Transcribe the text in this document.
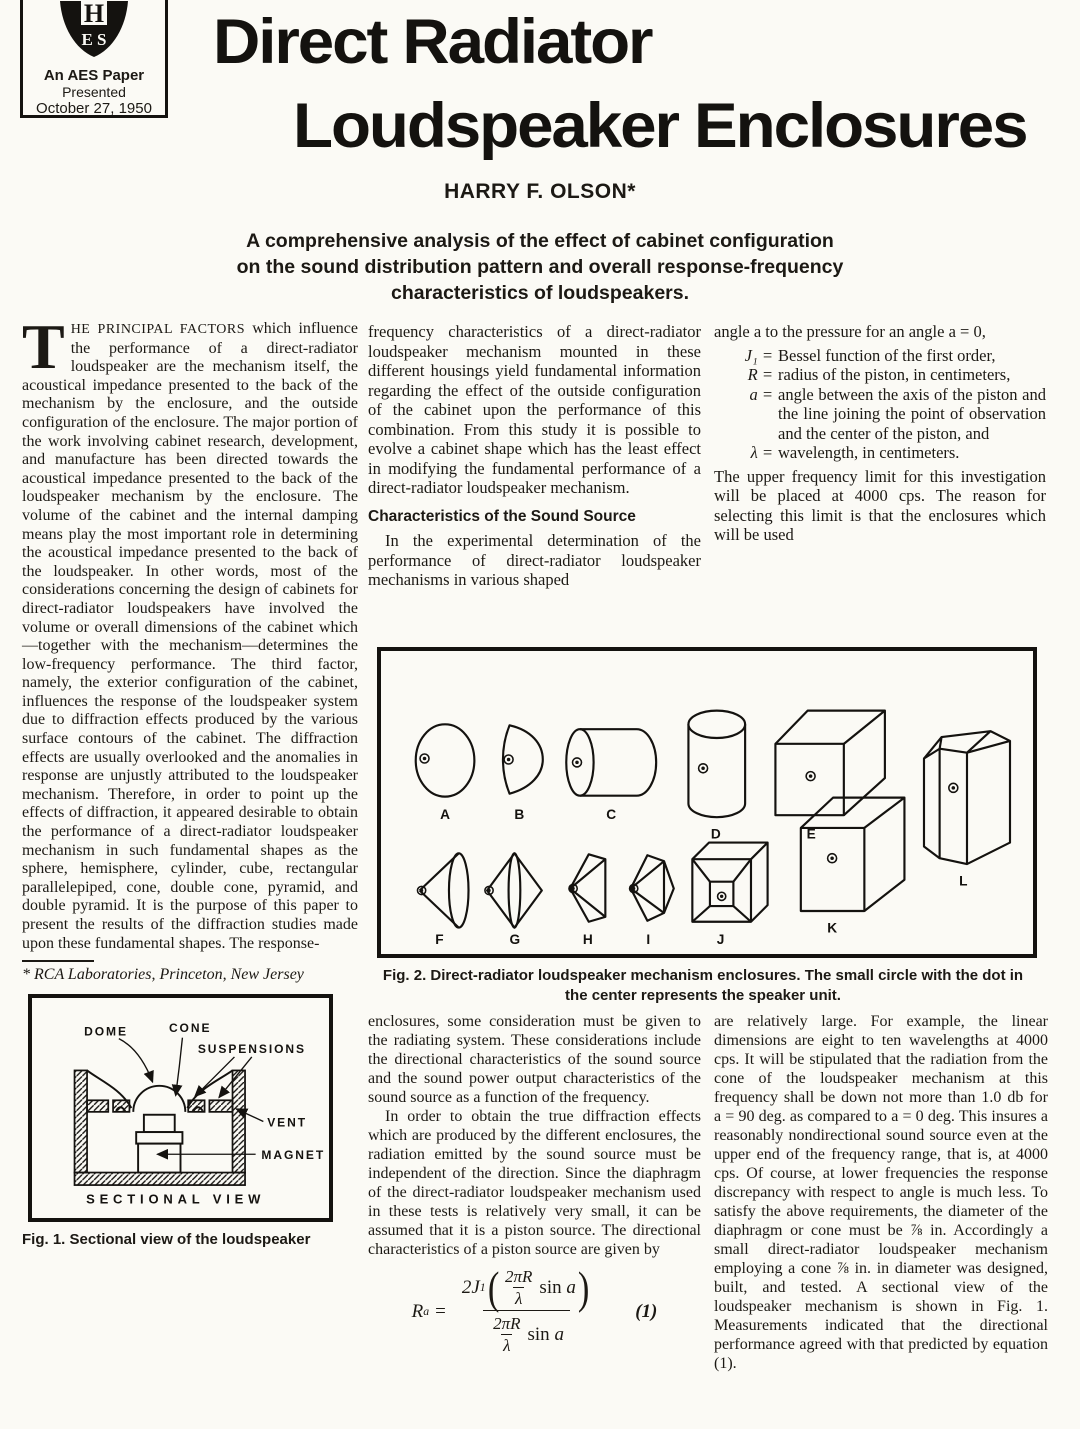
H
E S
An AES Paper
Presented
October 27, 1950
Direct Radiator
Loudspeaker Enclosures
HARRY F. OLSON*
A comprehensive analysis of the effect of cabinet configuration
on the sound distribution pattern and overall response-frequency
characteristics of loudspeakers.

THE PRINCIPAL FACTORS which influence the performance of a direct-radiator loudspeaker are the mechanism itself, the acoustical impedance presented to the back of the mechanism by the enclosure, and the outside configuration of the enclosure. The major portion of the work involving cabinet research, development, and manufacture has been directed towards the acoustical impedance presented to the back of the loudspeaker mechanism by the enclosure. The volume of the cabinet and the internal damping means play the most important role in determining the acoustical impedance presented to the back of the loudspeaker. In other words, most of the considerations concerning the design of cabinets for direct-radiator loudspeakers have involved the volume or overall dimensions of the cabinet which—together with the mechanism—determines the low-frequency performance. The third factor, namely, the exterior configuration of the cabinet, influences the response of the loudspeaker system due to diffraction effects produced by the various surface contours of the cabinet. The diffraction effects are usually overlooked and the anomalies in response are unjustly attributed to the loudspeaker mechanism. Therefore, in order to point up the effects of diffraction, it appeared desirable to obtain the performance of a direct-radiator loudspeaker mechanism in such fundamental shapes as the sphere, hemisphere, cylinder, cube, rectangular parallelepiped, cone, double cone, pyramid, and double pyramid. It is the purpose of this paper to present the results of the diffraction studies made upon these fundamental shapes. The response-

* RCA Laboratories, Princeton, New Jersey

DOME	CONE
SUSPENSIONS
VENT
MAGNET
SECTIONAL VIEW

Fig. 1. Sectional view of the loudspeaker

frequency characteristics of a direct-radiator loudspeaker mechanism mounted in these different housings yield fundamental information regarding the effect of the outside configuration of the cabinet upon the performance of this combination. From this study it is possible to evolve a cabinet shape which has the least effect in modifying the fundamental performance of a direct-radiator loudspeaker mechanism.

Characteristics of the Sound Source

In the experimental determination of the performance of direct-radiator loudspeaker mechanisms in various shaped

angle a to the pressure for an angle a = 0,

J₁ = Bessel function of the first order,
R = radius of the piston, in centimeters,
a = angle between the axis of the piston and the line joining the point of observation and the center of the piston, and
λ = wavelength, in centimeters.

The upper frequency limit for this investigation will be placed at 4000 cps. The reason for selecting this limit is that the enclosures which will be used

A	B	C
D	E
F	G	H	I	J
K
L
Fig. 2. Direct-radiator loudspeaker mechanism enclosures. The small circle with the dot in
the center represents the speaker unit.

enclosures, some consideration must be given to the radiating system. These considerations include the directional characteristics of the sound source and the sound power output characteristics of the sound source as a function of the frequency.

In order to obtain the true diffraction effects which are produced by the different enclosures, the radiation emitted by the sound source must be independent of the direction. Since the diaphragm of the direct-radiator loudspeaker mechanism used in these tests is relatively very small, it can be assumed that it is a piston source. The directional characteristics of a piston source are given by

R a =
2J 1 ( $\frac{2\pi R}{\lambda}$ sin a )
$\frac{2\pi R}{\lambda}$ sin a
(1)

are relatively large. For example, the linear dimensions are eight to ten wavelengths at 4000 cps. It will be stipulated that the radiation from the cone of the loudspeaker mechanism at this frequency shall be down not more than 1.0 db for a = 90 deg. as compared to a = 0 deg. This insures a reasonably nondirectional sound source even at the upper end of the frequency range, that is, at 4000 cps. Of course, at lower frequencies the response discrepancy with respect to angle is much less. To satisfy the above requirements, the diameter of the diaphragm or cone must be ⅞ in. Accordingly a small direct-radiator loudspeaker mechanism employing a cone ⅞ in. in diameter was designed, built, and tested. A sectional view of the loudspeaker mechanism is shown in Fig. 1. Measurements indicated that the directional performance agreed with that predicted by equation (1).
